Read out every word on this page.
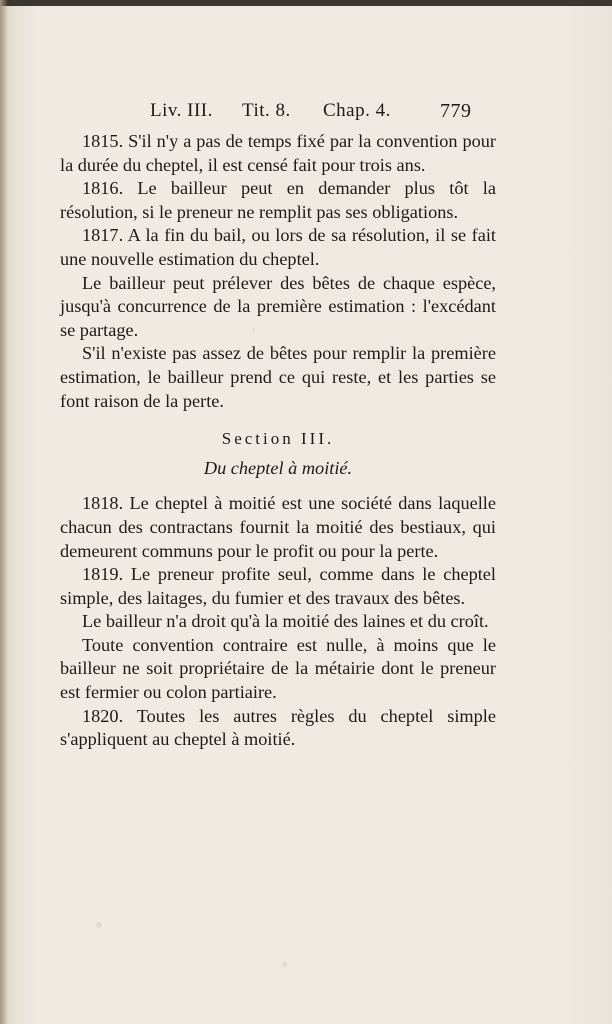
Liv. III. Tit. 8. Chap. 4. 779

1815. S'il n'y a pas de temps fixé par la convention pour la durée du cheptel, il est censé fait pour trois ans.

1816. Le bailleur peut en demander plus tôt la résolution, si le preneur ne remplit pas ses obligations.

1817. A la fin du bail, ou lors de sa résolution, il se fait une nouvelle estimation du cheptel.

Le bailleur peut prélever des bêtes de chaque espèce, jusqu'à concurrence de la première estimation : l'excédant se partage.

S'il n'existe pas assez de bêtes pour remplir la première estimation, le bailleur prend ce qui reste, et les parties se font raison de la perte.

Section III.
Du cheptel à moitié.

1818. Le cheptel à moitié est une société dans laquelle chacun des contractans fournit la moitié des bestiaux, qui demeurent communs pour le profit ou pour la perte.

1819. Le preneur profite seul, comme dans le cheptel simple, des laitages, du fumier et des travaux des bêtes.

Le bailleur n'a droit qu'à la moitié des laines et du croît.

Toute convention contraire est nulle, à moins que le bailleur ne soit propriétaire de la métairie dont le preneur est fermier ou colon partiaire.

1820. Toutes les autres règles du cheptel simple s'appliquent au cheptel à moitié.
